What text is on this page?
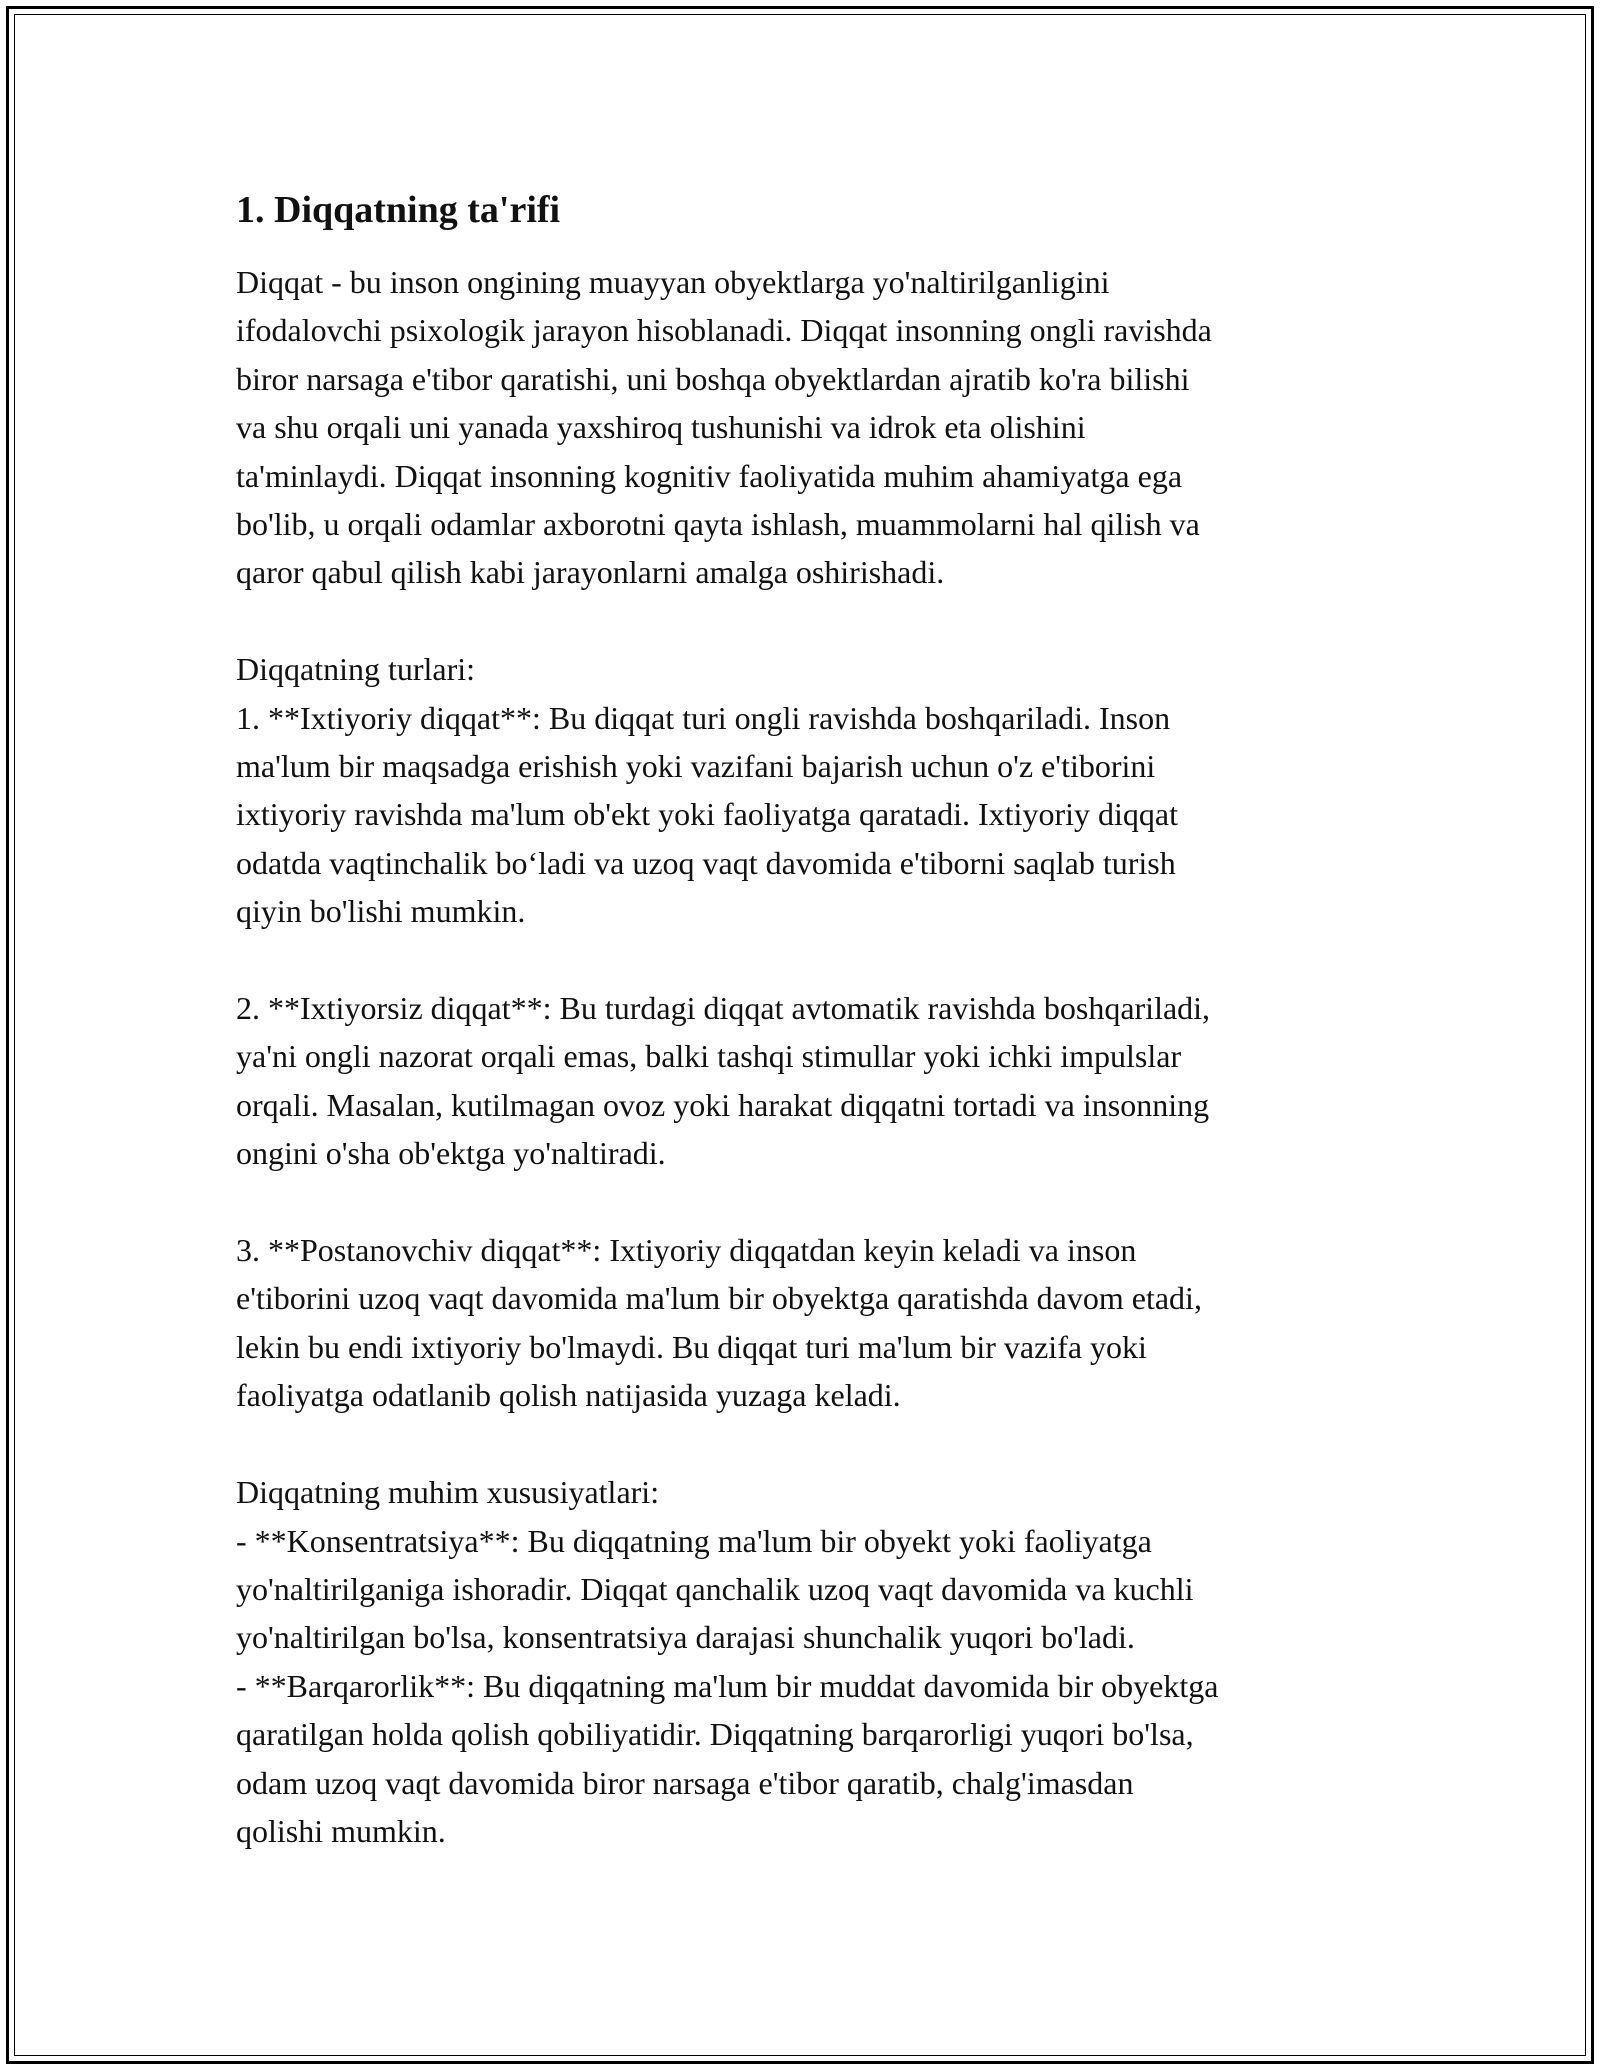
1. Diqqatning ta'rifi

Diqqat - bu inson ongining muayyan obyektlarga yo'naltirilganligini
ifodalovchi psixologik jarayon hisoblanadi. Diqqat insonning ongli ravishda
biror narsaga e'tibor qaratishi, uni boshqa obyektlardan ajratib ko'ra bilishi
va shu orqali uni yanada yaxshiroq tushunishi va idrok eta olishini
ta'minlaydi. Diqqat insonning kognitiv faoliyatida muhim ahamiyatga ega
bo'lib, u orqali odamlar axborotni qayta ishlash, muammolarni hal qilish va
qaror qabul qilish kabi jarayonlarni amalga oshirishadi.

Diqqatning turlari:
1. **Ixtiyoriy diqqat**: Bu diqqat turi ongli ravishda boshqariladi. Inson
ma'lum bir maqsadga erishish yoki vazifani bajarish uchun o'z e'tiborini
ixtiyoriy ravishda ma'lum ob'ekt yoki faoliyatga qaratadi. Ixtiyoriy diqqat
odatda vaqtinchalik bo‘ladi va uzoq vaqt davomida e'tiborni saqlab turish
qiyin bo'lishi mumkin.

2. **Ixtiyorsiz diqqat**: Bu turdagi diqqat avtomatik ravishda boshqariladi,
ya'ni ongli nazorat orqali emas, balki tashqi stimullar yoki ichki impulslar
orqali. Masalan, kutilmagan ovoz yoki harakat diqqatni tortadi va insonning
ongini o'sha ob'ektga yo'naltiradi.

3. **Postanovchiv diqqat**: Ixtiyoriy diqqatdan keyin keladi va inson
e'tiborini uzoq vaqt davomida ma'lum bir obyektga qaratishda davom etadi,
lekin bu endi ixtiyoriy bo'lmaydi. Bu diqqat turi ma'lum bir vazifa yoki
faoliyatga odatlanib qolish natijasida yuzaga keladi.

Diqqatning muhim xususiyatlari:
- **Konsentratsiya**: Bu diqqatning ma'lum bir obyekt yoki faoliyatga
yo'naltirilganiga ishoradir. Diqqat qanchalik uzoq vaqt davomida va kuchli
yo'naltirilgan bo'lsa, konsentratsiya darajasi shunchalik yuqori bo'ladi.
- **Barqarorlik**: Bu diqqatning ma'lum bir muddat davomida bir obyektga
qaratilgan holda qolish qobiliyatidir. Diqqatning barqarorligi yuqori bo'lsa,
odam uzoq vaqt davomida biror narsaga e'tibor qaratib, chalg'imasdan
qolishi mumkin.
